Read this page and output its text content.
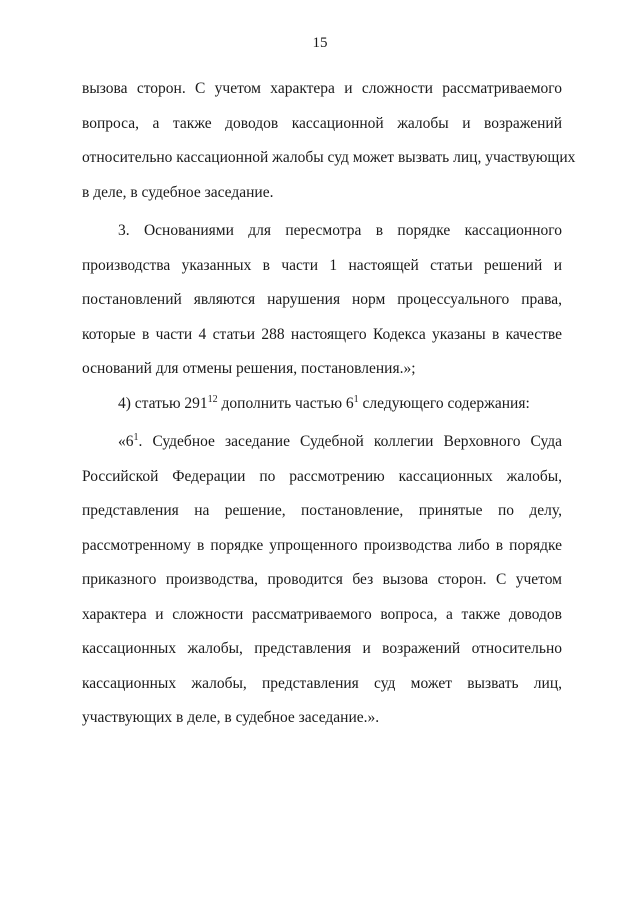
15
вызова сторон. С учетом характера и сложности рассматриваемого
вопроса, а также доводов кассационной жалобы и возражений
относительно кассационной жалобы суд может вызвать лиц, участвующих
в деле, в судебное заседание.
3. Основаниями для пересмотра в порядке кассационного
производства указанных в части 1 настоящей статьи решений и
постановлений являются нарушения норм процессуального права,
которые в части 4 статьи 288 настоящего Кодекса указаны в качестве
оснований для отмены решения, постановления.»;
4) статью $291^{12}$ дополнить частью $6^1$ следующего содержания:
«$6^1$. Судебное заседание Судебной коллегии Верховного Суда
Российской Федерации по рассмотрению кассационных жалобы,
представления на решение, постановление, принятые по делу,
рассмотренному в порядке упрощенного производства либо в порядке
приказного производства, проводится без вызова сторон. С учетом
характера и сложности рассматриваемого вопроса, а также доводов
кассационных жалобы, представления и возражений относительно
кассационных жалобы, представления суд может вызвать лиц,
участвующих в деле, в судебное заседание.».
